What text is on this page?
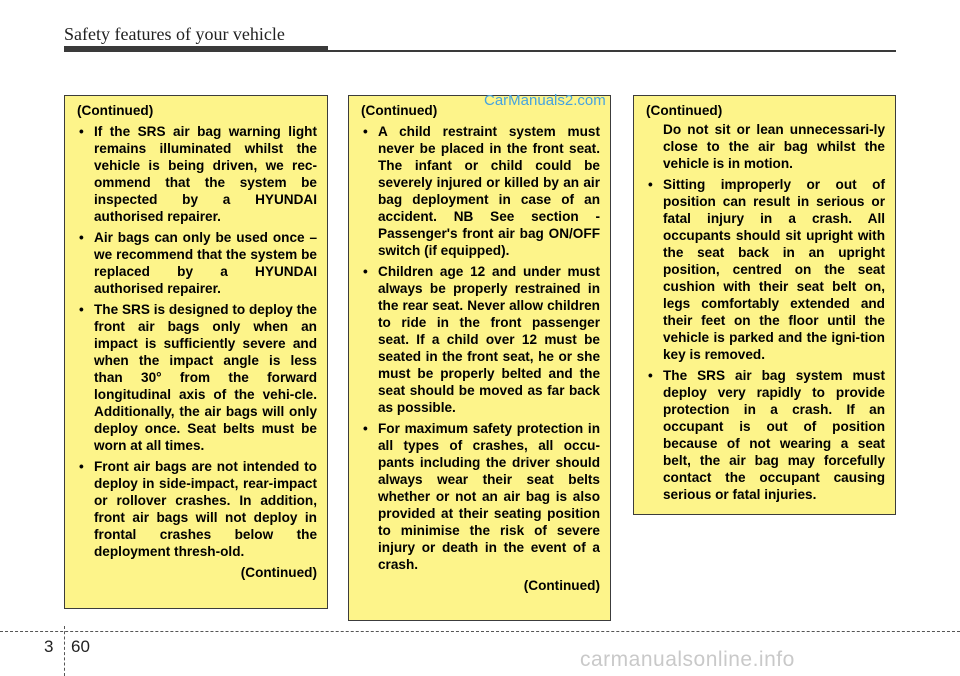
Safety features of your vehicle
(Continued)
• If the SRS air bag warning light remains illuminated whilst the vehicle is being driven, we rec-ommend that the system be inspected by a HYUNDAI authorised repairer.
• Air bags can only be used once – we recommend that the system be replaced by a HYUNDAI authorised repairer.
• The SRS is designed to deploy the front air bags only when an impact is sufficiently severe and when the impact angle is less than 30° from the forward longitudinal axis of the vehi-cle. Additionally, the air bags will only deploy once. Seat belts must be worn at all times.
• Front air bags are not intended to deploy in side-impact, rear-impact or rollover crashes. In addition, front air bags will not deploy in frontal crashes below the deployment thresh-old.
(Continued)
(Continued)
• A child restraint system must never be placed in the front seat. The infant or child could be severely injured or killed by an air bag deployment in case of an accident. NB See section - Passenger's front air bag ON/OFF switch (if equipped).
• Children age 12 and under must always be properly restrained in the rear seat. Never allow children to ride in the front passenger seat. If a child over 12 must be seated in the front seat, he or she must be properly belted and the seat should be moved as far back as possible.
• For maximum safety protection in all types of crashes, all occu-pants including the driver should always wear their seat belts whether or not an air bag is also provided at their seating position to minimise the risk of severe injury or death in the event of a crash.
(Continued)
(Continued)
Do not sit or lean unnecessari-ly close to the air bag whilst the vehicle is in motion.
• Sitting improperly or out of position can result in serious or fatal injury in a crash. All occupants should sit upright with the seat back in an upright position, centred on the seat cushion with their seat belt on, legs comfortably extended and their feet on the floor until the vehicle is parked and the igni-tion key is removed.
• The SRS air bag system must deploy very rapidly to provide protection in a crash. If an occupant is out of position because of not wearing a seat belt, the air bag may forcefully contact the occupant causing serious or fatal injuries.
CarManuals2.com
3 60
carmanualsonline.info
